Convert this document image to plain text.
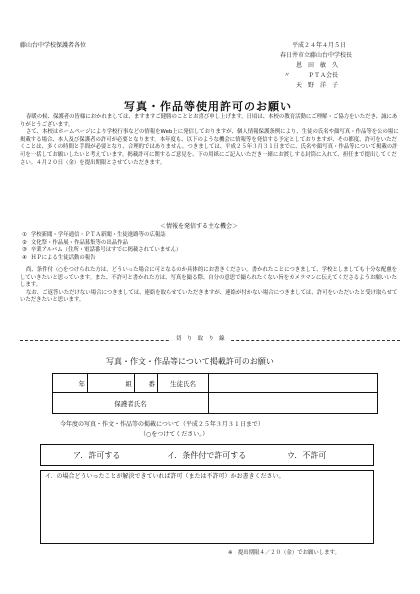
藤山台中学校保護者各位	平成２４年４月５日
春日井市立藤山台中学校長
恩　田　敏　久
〃　　　ＰＴＡ会長
天　野　洋　子
写真・作品等使用許可のお願い

春暖の候、保護者の皆様におかれましては、ますますご健勝のこととお喜び申し上げます。日頃は、本校の教育活動にご理解・ご協力をいただき、誠にありがとうございます。

さて、本校はホームページにより学校行事などの情報をWeb上に発信しておりますが、個人情報保護条例により、生徒の氏名や顔写真・作品等を公の場に掲載する場合、本人及び保護者の許可が必要となります。本年度も、以下のような機会に情報等を発信する予定としておりますが、その都度、許可をいただくことは、多くの時間と手間が必要となり、合理的ではありません。つきましては、平成２５年３月３１日までに、氏名や顔写真・作品等について掲載の許可を一括してお願いしたいと考えています。掲載許可に関するご意見を、下の用紙にご記入いただき一緒にお渡しする封筒に入れて、担任まで提出してください。４月２０日（金）を提出期限とさせていただきます。

＜情報を発信する主な機会＞
① 学校新聞・学年通信・ＰＴＡ新聞・生徒進路等の広報誌
② 文化祭・作品展・作品募集等の出品作品
③ 卒業アルバム（住所・電話番号はすでに掲載されていません）
④ ＨＰによる生徒活動の報告

尚、条件付（○をつけられた方は、どういった場合に可となるのか具体的にお書きください。書かれたことにつきまして、学校としましても十分な配慮をしていきたいと思っています。また、不許可と書かれた方は、写真を撮る際、自分の意思で撮られたくない旨をカメラマンに伝えてくださるようお願いいたします。

なお、ご返答いただけない場合につきましては、連絡を取らせていただきますが、連絡が付かない場合につきましては、許可をいただいたと受け取らせていただきたいと思います。

切　り　取　り　線
写真・作文・作品等について掲載許可のお願い
年	組	番	生徒氏名	
保護者氏名				
今年度の写真・作文・作品等の掲載について（平成２５年３月３１日まで）
（○をつけてください。）
ア．許可する	イ．条件付で許可する	ウ．不許可
イ．の場合どういったことが解決できていれば許可（または不許可）かお書きください。
※　提出期限４／２０（金）でお願いします。
